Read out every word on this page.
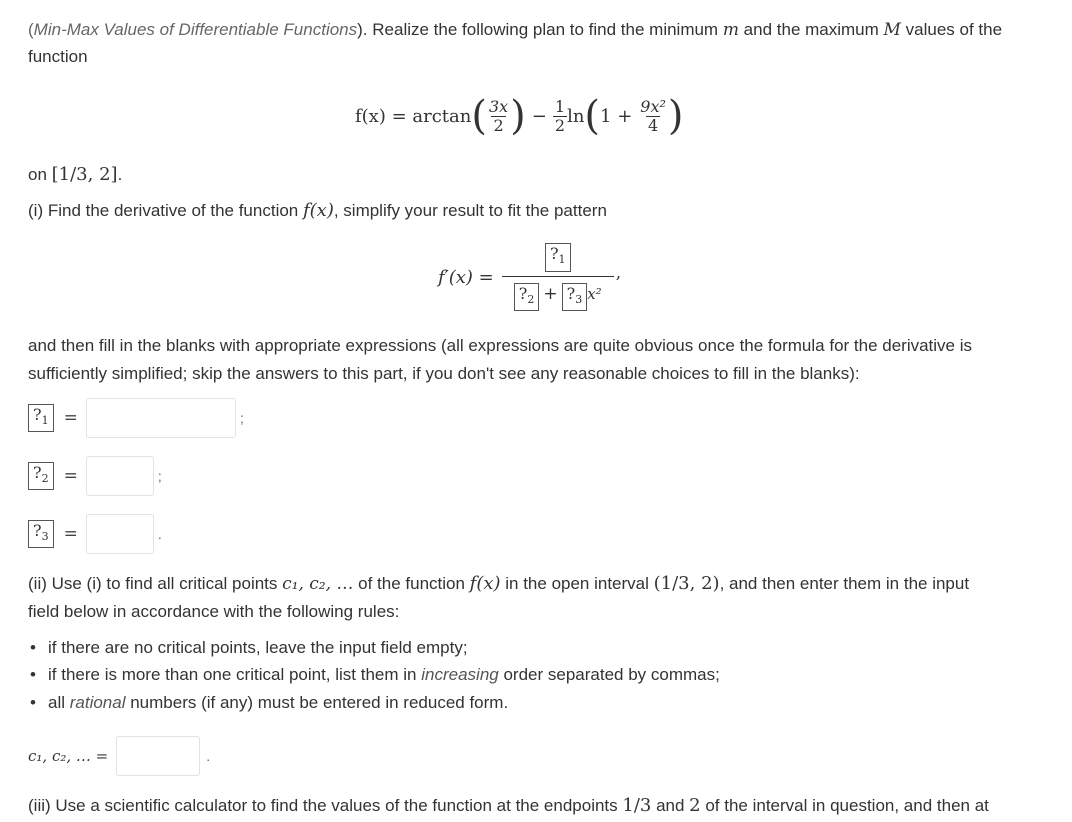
(Min-Max Values of Differentiable Functions). Realize the following plan to find the minimum m and the maximum M values of the
function
f(x) = arctan ( $\frac{3x}{2}$ ) − $\frac{1}{2}$ ln ( $1 + \frac{\text{9x²}}{4}$ )
on [1/3, 2].
(i) Find the derivative of the function f(x), simplify your result to fit the pattern
$f'(x) = \frac{?_1}{?_2 + ?_3 x^2}$ ,
and then fill in the blanks with appropriate expressions (all expressions are quite obvious once the formula for the derivative is
sufficiently simplified; skip the answers to this part, if you don't see any reasonable choices to fill in the blanks):
$?_1$ =	;
$?_2$ =	;
$?_3$ =	.
(ii) Use (i) to find all critical points c₁, c₂, … of the function f(x) in the open interval (1/3, 2), and then enter them in the input
field below in accordance with the following rules:
• if there are no critical points, leave the input field empty;
• if there is more than one critical point, list them in increasing order separated by commas;
• all rational numbers (if any) must be entered in reduced form.
c₁, c₂, … =	.
(iii) Use a scientific calculator to find the values of the function at the endpoints 1/3 and 2 of the interval in question, and then at
